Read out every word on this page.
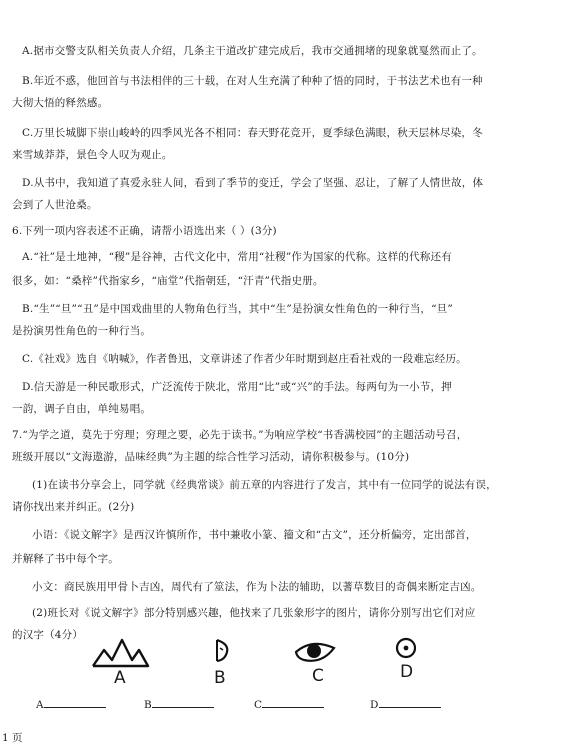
A.据市交警支队相关负责人介绍，几条主干道改扩建完成后，我市交通拥堵的现象就戛然而止了。
B.年近不惑，他回首与书法相伴的三十载，在对人生充满了种种了悟的同时，于书法艺术也有一种
大彻大悟的释然感。
C.万里长城脚下崇山峻岭的四季风光各不相同：春天野花竞开，夏季绿色满眼，秋天层林尽染，冬
来雪域莽莽，景色令人叹为观止。
D.从书中，我知道了真爱永驻人间，看到了季节的变迁，学会了坚强、忍让，了解了人情世故，体
会到了人世沧桑。
6.下列一项内容表述不正确，请帮小语选出来（ ）(3分)
A.“社”是土地神，“稷”是谷神，古代文化中，常用“社稷”作为国家的代称。这样的代称还有
很多，如：“桑梓”代指家乡，“庙堂”代指朝廷，“汗青”代指史册。
B.“生”“旦”“丑”是中国戏曲里的人物角色行当，其中“生”是扮演女性角色的一种行当，“旦”
是扮演男性角色的一种行当。
C.《社戏》选自《呐喊》，作者鲁迅，文章讲述了作者少年时期到赵庄看社戏的一段难忘经历。
D.信天游是一种民歌形式，广泛流传于陕北，常用“比”或“兴”的手法。每两句为一小节，押
一韵，调子自由，单纯易唱。
7.“为学之道，莫先于穷理；穷理之要，必先于读书。”为响应学校“书香满校园”的主题活动号召，
班级开展以“文海遨游，品味经典”为主题的综合性学习活动，请你积极参与。(10分)
(1)在读书分享会上，同学就《经典常谈》前五章的内容进行了发言，其中有一位同学的说法有误，
请你找出来并纠正。(2分)
小语：《说文解字》是西汉许慎所作，书中兼收小篆、籀文和“古文”，还分析偏旁，定出部首，
并解释了书中每个字。
小文：商民族用甲骨卜吉凶，周代有了筮法，作为卜法的辅助，以蓍草数目的奇偶来断定吉凶。
(2)班长对《说文解字》部分特别感兴趣，他找来了几张象形字的图片，请你分别写出它们对应
的汉字（4分）
A	B	C	D
A	B	C	D
1 页
